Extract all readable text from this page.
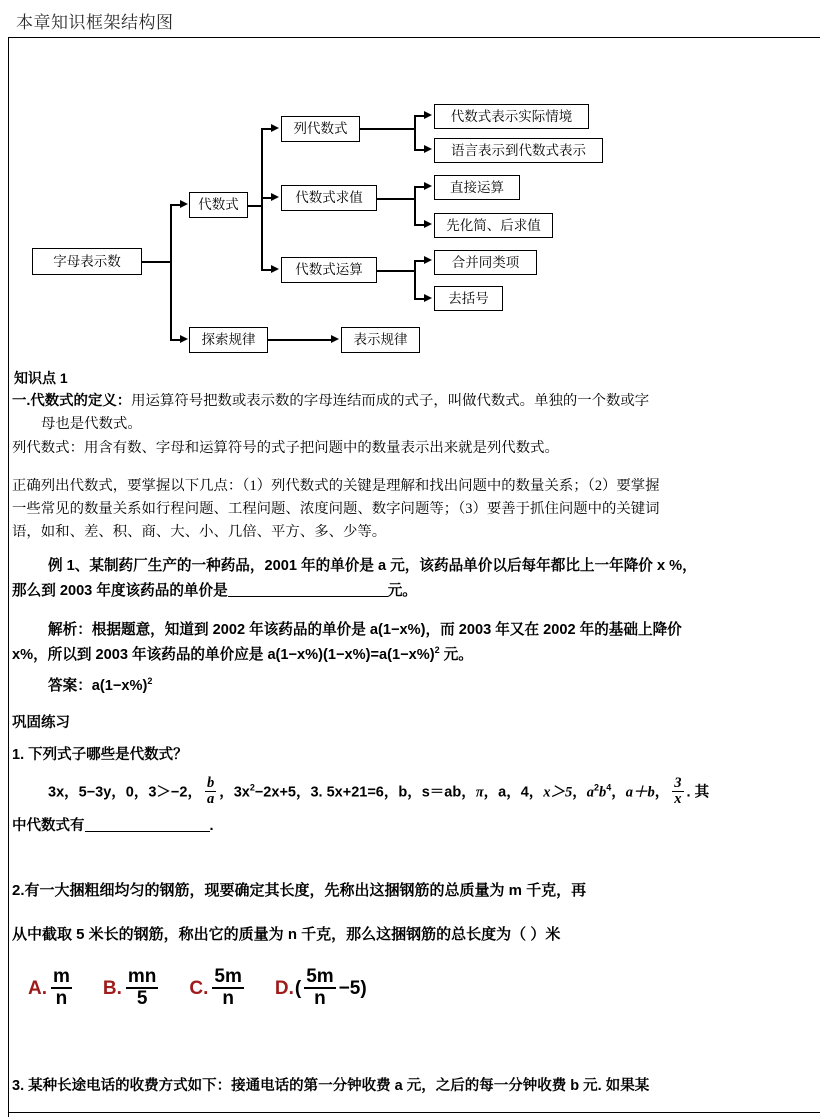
本章知识框架结构图
字母表示数
代数式
探索规律
列代数式
代数式求值
代数式运算
表示规律
代数式表示实际情境
语言表示到代数式表示
直接运算
先化简、后求值
合并同类项
去括号
知识点 1
一.代数式的定义：用运算符号把数或表示数的字母连结而成的式子，叫做代数式。单独的一个数或字
母也是代数式。
列代数式：用含有数、字母和运算符号的式子把问题中的数量表示出来就是列代数式。
正确列出代数式，要掌握以下几点：（1）列代数式的关键是理解和找出问题中的数量关系；（2）要掌握
一些常见的数量关系如行程问题、工程问题、浓度问题、数字问题等；（3）要善于抓住问题中的关键词
语，如和、差、积、商、大、小、几倍、平方、多、少等。
例 1、某制药厂生产的一种药品，2001 年的单价是 a 元，该药品单价以后每年都比上一年降价 x %，
那么到 2003 年度该药品的单价是	元。
解析：根据题意，知道到 2002 年该药品的单价是 a(1−x%)，而 2003 年又在 2002 年的基础上降价
x%，所以到 2003 年该药品的单价应是 $a(1-x\%)(1-x\%)=a(1-x\%)^2$ 元。
答案：$a(1-x\%)^2$
巩固练习
1. 下列式子哪些是代数式？
3x，5−3y，0，3＞−2， $\frac{b}{a}$ ，$3x^2-2x+5$，3. 5x+21=6，b，s＝ab，π，a，4，x＞5，$a^2b^4$，a＋b， $\frac{3}{x}$ . 其
中代数式有	.
2.有一大捆粗细均匀的钢筋，现要确定其长度，先称出这捆钢筋的总质量为 m 千克，再
从中截取 5 米长的钢筋，称出它的质量为 n 千克，那么这捆钢筋的总长度为（ ）米
A. $\frac{m}{n} B$. $\frac{mn}{5} C$. $\frac{5m}{n} D$. ( $\frac{5m}{n} -5$)
3. 某种长途电话的收费方式如下：接通电话的第一分钟收费 a 元，之后的每一分钟收费 b 元. 如果某
